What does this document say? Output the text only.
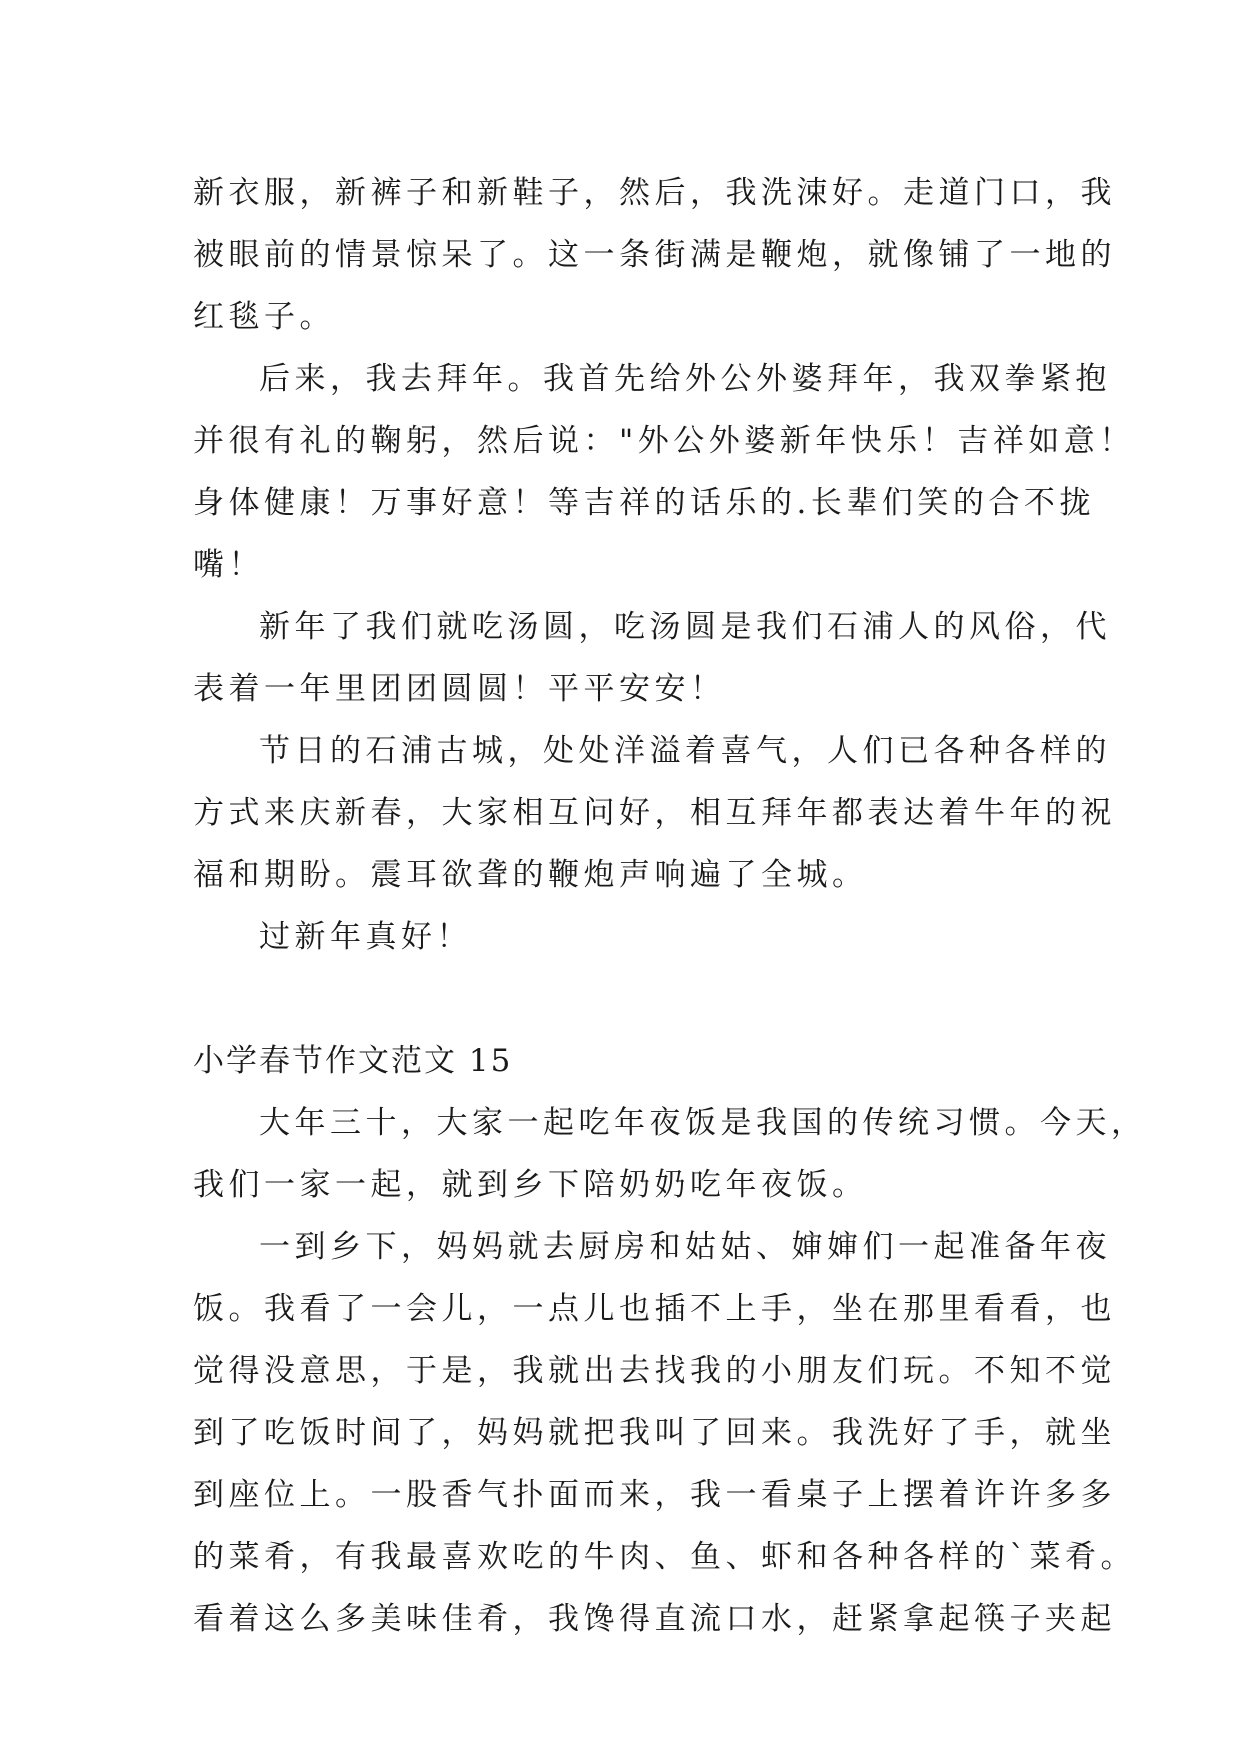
新衣服，新裤子和新鞋子，然后，我洗涑好。走道门口，我
被眼前的情景惊呆了。这一条街满是鞭炮，就像铺了一地的
红毯子。
后来，我去拜年。我首先给外公外婆拜年，我双拳紧抱
并很有礼的鞠躬，然后说："外公外婆新年快乐！吉祥如意！
身体健康！万事好意！等吉祥的话乐的.长辈们笑的合不拢
嘴！
新年了我们就吃汤圆，吃汤圆是我们石浦人的风俗，代
表着一年里团团圆圆！平平安安！
节日的石浦古城，处处洋溢着喜气，人们已各种各样的
方式来庆新春，大家相互问好，相互拜年都表达着牛年的祝
福和期盼。震耳欲聋的鞭炮声响遍了全城。
过新年真好！
小学春节作文范文 15
大年三十，大家一起吃年夜饭是我国的传统习惯。今天，
我们一家一起，就到乡下陪奶奶吃年夜饭。
一到乡下，妈妈就去厨房和姑姑、婶婶们一起准备年夜
饭。我看了一会儿，一点儿也插不上手，坐在那里看看，也
觉得没意思，于是，我就出去找我的小朋友们玩。不知不觉
到了吃饭时间了，妈妈就把我叫了回来。我洗好了手，就坐
到座位上。一股香气扑面而来，我一看桌子上摆着许许多多
的菜肴，有我最喜欢吃的牛肉、鱼、虾和各种各样的`菜肴。
看着这么多美味佳肴，我馋得直流口水，赶紧拿起筷子夹起
